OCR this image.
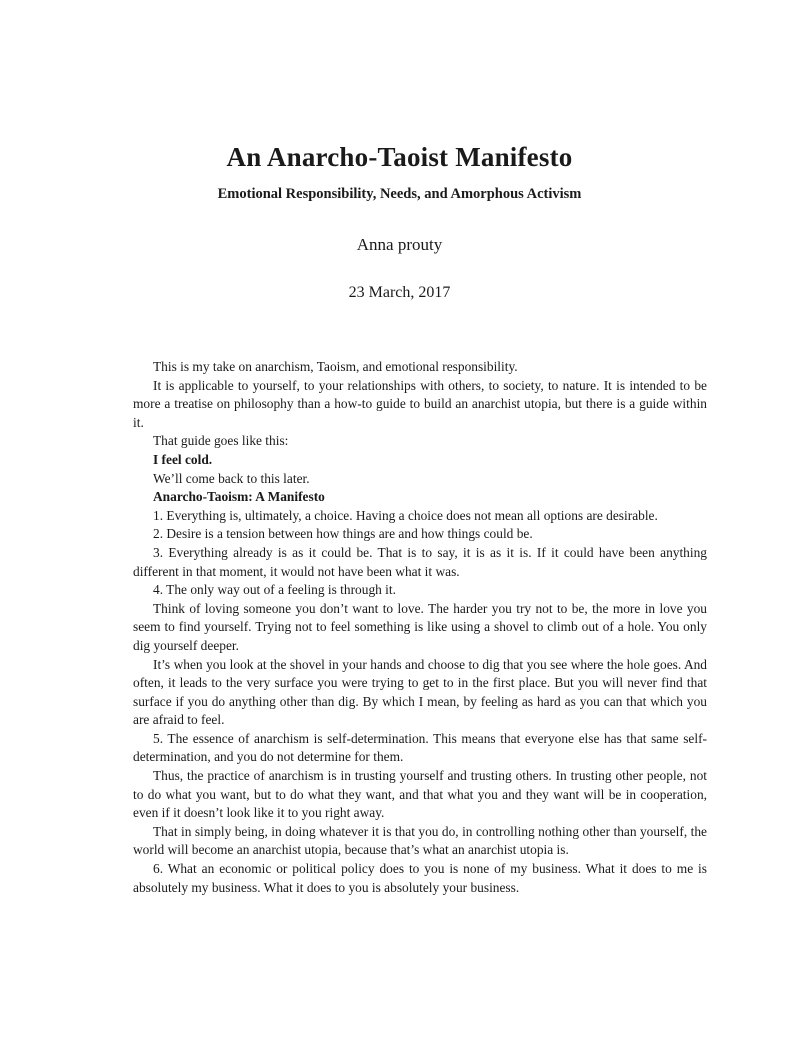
An Anarcho-Taoist Manifesto
Emotional Responsibility, Needs, and Amorphous Activism
Anna prouty
23 March, 2017

This is my take on anarchism, Taoism, and emotional responsibility.

It is applicable to yourself, to your relationships with others, to society, to nature. It is intended to be more a treatise on philosophy than a how-to guide to build an anarchist utopia, but there is a guide within it.

That guide goes like this:

I feel cold.

We’ll come back to this later.

Anarcho-Taoism: A Manifesto

1. Everything is, ultimately, a choice. Having a choice does not mean all options are desirable.

2. Desire is a tension between how things are and how things could be.

3. Everything already is as it could be. That is to say, it is as it is. If it could have been anything different in that moment, it would not have been what it was.

4. The only way out of a feeling is through it.

Think of loving someone you don’t want to love. The harder you try not to be, the more in love you seem to find yourself. Trying not to feel something is like using a shovel to climb out of a hole. You only dig yourself deeper.

It’s when you look at the shovel in your hands and choose to dig that you see where the hole goes. And often, it leads to the very surface you were trying to get to in the first place. But you will never find that surface if you do anything other than dig. By which I mean, by feeling as hard as you can that which you are afraid to feel.

5. The essence of anarchism is self-determination. This means that everyone else has that same self-determination, and you do not determine for them.

Thus, the practice of anarchism is in trusting yourself and trusting others. In trusting other people, not to do what you want, but to do what they want, and that what you and they want will be in cooperation, even if it doesn’t look like it to you right away.

That in simply being, in doing whatever it is that you do, in controlling nothing other than yourself, the world will become an anarchist utopia, because that’s what an anarchist utopia is.

6. What an economic or political policy does to you is none of my business. What it does to me is absolutely my business. What it does to you is absolutely your business.
